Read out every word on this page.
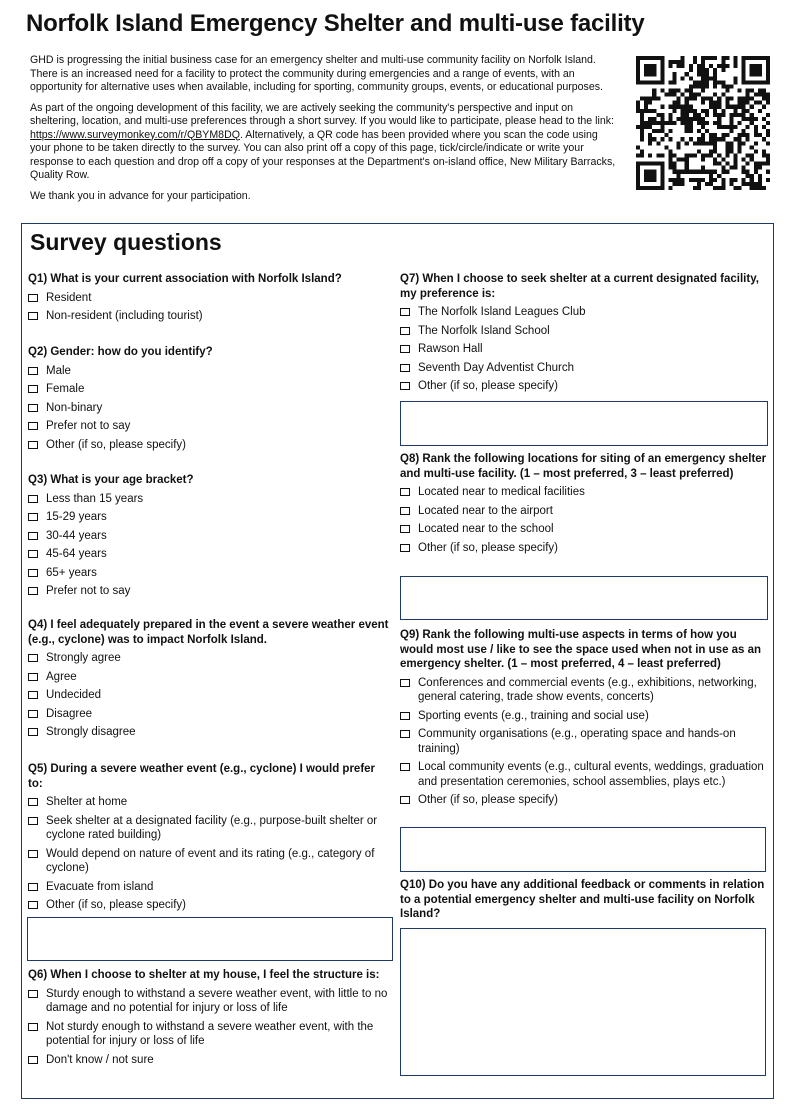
Norfolk Island Emergency Shelter and multi-use facility

GHD is progressing the initial business case for an emergency shelter and multi-use community facility on Norfolk Island. There is an increased need for a facility to protect the community during emergencies and a range of events, with an opportunity for alternative uses when available, including for sporting, community groups, events, or educational purposes.

As part of the ongoing development of this facility, we are actively seeking the community's perspective and input on sheltering, location, and multi-use preferences through a short survey. If you would like to participate, please head to the link: https://www.surveymonkey.com/r/QBYM8DQ. Alternatively, a QR code has been provided where you scan the code using your phone to be taken directly to the survey. You can also print off a copy of this page, tick/circle/indicate or write your response to each question and drop off a copy of your responses at the Department's on-island office, New Military Barracks, Quality Row.

We thank you in advance for your participation.

Survey questions
Q1) What is your current association with Norfolk Island?
Resident
Non-resident (including tourist)
Q2) Gender: how do you identify?
Male
Female
Non-binary
Prefer not to say
Other (if so, please specify)
Q3) What is your age bracket?
Less than 15 years
15-29 years
30-44 years
45-64 years
65+ years
Prefer not to say
Q4) I feel adequately prepared in the event a severe weather event (e.g., cyclone) was to impact Norfolk Island.
Strongly agree
Agree
Undecided
Disagree
Strongly disagree
Q5) During a severe weather event (e.g., cyclone) I would prefer to:
Shelter at home
Seek shelter at a designated facility (e.g., purpose-built shelter or cyclone rated building)
Would depend on nature of event and its rating (e.g., category of cyclone)
Evacuate from island
Other (if so, please specify)
Q6) When I choose to shelter at my house, I feel the structure is:
Sturdy enough to withstand a severe weather event, with little to no damage and no potential for injury or loss of life
Not sturdy enough to withstand a severe weather event, with the potential for injury or loss of life
Don't know / not sure
Q7) When I choose to seek shelter at a current designated facility, my preference is:
The Norfolk Island Leagues Club
The Norfolk Island School
Rawson Hall
Seventh Day Adventist Church
Other (if so, please specify)
Q8) Rank the following locations for siting of an emergency shelter and multi-use facility. (1 – most preferred, 3 – least preferred)
Located near to medical facilities
Located near to the airport
Located near to the school
Other (if so, please specify)
Q9) Rank the following multi-use aspects in terms of how you would most use / like to see the space used when not in use as an emergency shelter. (1 – most preferred, 4 – least preferred)
Conferences and commercial events (e.g., exhibitions, networking, general catering, trade show events, concerts)
Sporting events (e.g., training and social use)
Community organisations (e.g., operating space and hands-on training)
Local community events (e.g., cultural events, weddings, graduation and presentation ceremonies, school assemblies, plays etc.)
Other (if so, please specify)
Q10) Do you have any additional feedback or comments in relation to a potential emergency shelter and multi-use facility on Norfolk Island?
